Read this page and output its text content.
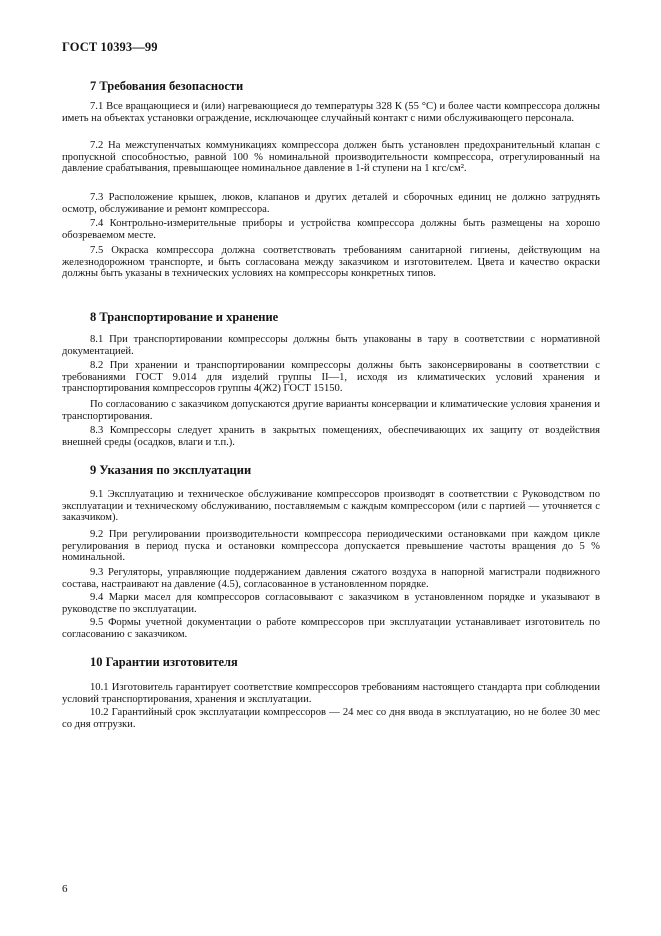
ГОСТ 10393—99
7 Требования безопасности

7.1 Все вращающиеся и (или) нагревающиеся до температуры 328 К (55 °С) и более части компрессора должны иметь на объектах установки ограждение, исключающее случайный контакт с ними обслуживающего персонала.

7.2 На межступенчатых коммуникациях компрессора должен быть установлен предохранительный клапан с пропускной способностью, равной 100 % номинальной производительности компрессора, отрегулированный на давление срабатывания, превышающее номинальное давление в 1-й ступени на 1 кгс/см².

7.3 Расположение крышек, люков, клапанов и других деталей и сборочных единиц не должно затруднять осмотр, обслуживание и ремонт компрессора.

7.4 Контрольно-измерительные приборы и устройства компрессора должны быть размещены на хорошо обозреваемом месте.

7.5 Окраска компрессора должна соответствовать требованиям санитарной гигиены, действующим на железнодорожном транспорте, и быть согласована между заказчиком и изготовителем. Цвета и качество окраски должны быть указаны в технических условиях на компрессоры конкретных типов.

8 Транспортирование и хранение

8.1 При транспортировании компрессоры должны быть упакованы в тару в соответствии с нормативной документацией.

8.2 При хранении и транспортировании компрессоры должны быть законсервированы в соответствии с требованиями ГОСТ 9.014 для изделий группы II—1, исходя из климатических условий хранения и транспортирования компрессоров группы 4(Ж2) ГОСТ 15150.

По согласованию с заказчиком допускаются другие варианты консервации и климатические условия хранения и транспортирования.

8.3 Компрессоры следует хранить в закрытых помещениях, обеспечивающих их защиту от воздействия внешней среды (осадков, влаги и т.п.).

9 Указания по эксплуатации

9.1 Эксплуатацию и техническое обслуживание компрессоров производят в соответствии с Руководством по эксплуатации и техническому обслуживанию, поставляемым с каждым компрессором (или с партией — уточняется с заказчиком).

9.2 При регулировании производительности компрессора периодическими остановками при каждом цикле регулирования в период пуска и остановки компрессора допускается превышение частоты вращения до 5 % номинальной.

9.3 Регуляторы, управляющие поддержанием давления сжатого воздуха в напорной магистрали подвижного состава, настраивают на давление (4.5), согласованное в установленном порядке.

9.4 Марки масел для компрессоров согласовывают с заказчиком в установленном порядке и указывают в руководстве по эксплуатации.

9.5 Формы учетной документации о работе компрессоров при эксплуатации устанавливает изготовитель по согласованию с заказчиком.

10 Гарантии изготовителя

10.1 Изготовитель гарантирует соответствие компрессоров требованиям настоящего стандарта при соблюдении условий транспортирования, хранения и эксплуатации.

10.2 Гарантийный срок эксплуатации компрессоров — 24 мес со дня ввода в эксплуатацию, но не более 30 мес со дня отгрузки.

6
